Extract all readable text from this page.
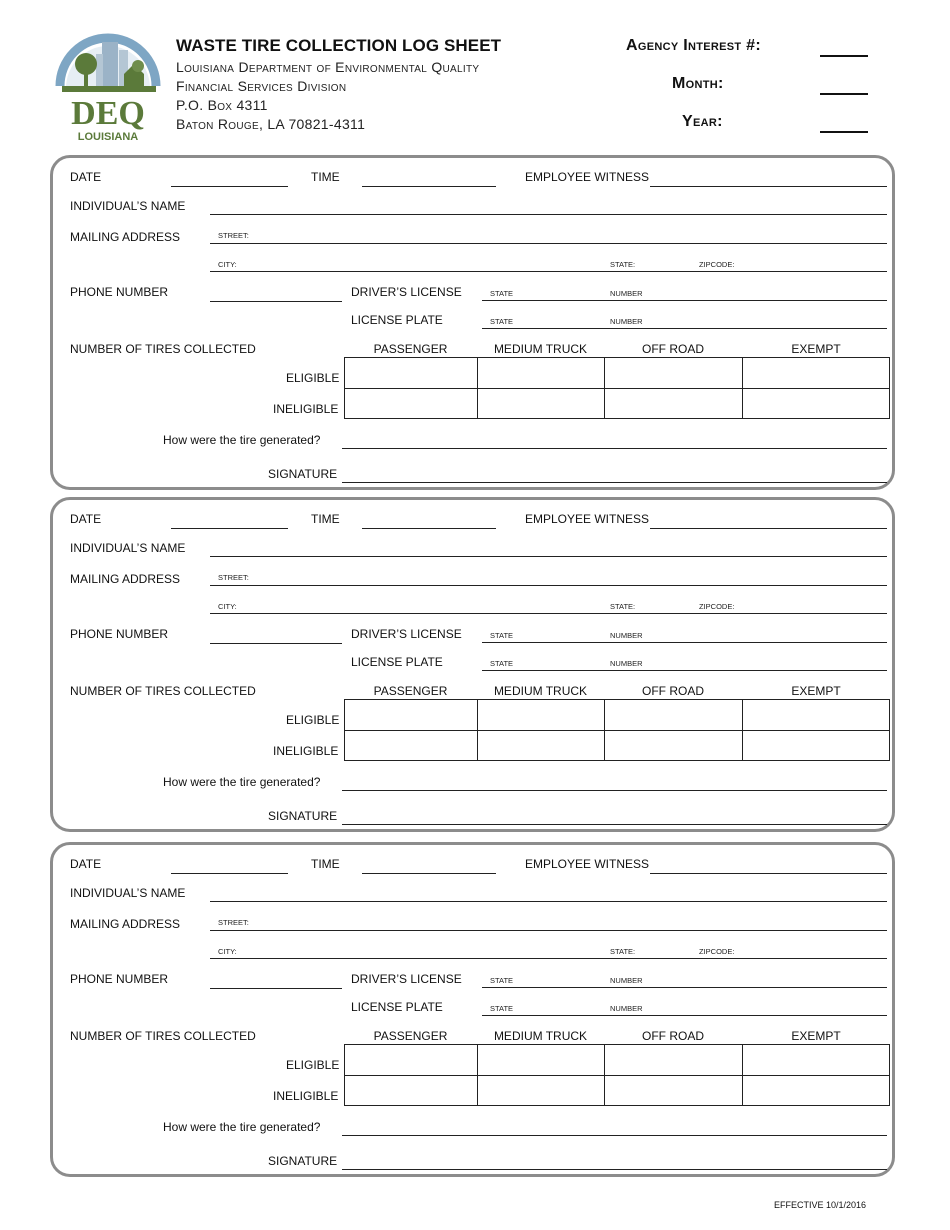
DEQ
LOUISIANA
WASTE TIRE COLLECTION LOG SHEET
Louisiana Department of Environmental Quality
Financial Services Division
P.O. Box 4311
Baton Rouge, LA 70821-4311
Agency Interest #:
Month:
Year:
DATE	TIME	EMPLOYEE WITNESS
INDIVIDUAL’S NAME
MAILING ADDRESS	STREET:
CITY:	STATE:	ZIPCODE:
PHONE NUMBER	DRIVER’S LICENSE	STATE	NUMBER
LICENSE PLATE	STATE	NUMBER
NUMBER OF TIRES COLLECTED	PASSENGER	MEDIUM TRUCK	OFF ROAD	EXEMPT
ELIGIBLE
INELIGIBLE
How were the tire generated?
SIGNATURE
DATE	TIME	EMPLOYEE WITNESS
INDIVIDUAL’S NAME
MAILING ADDRESS	STREET:
CITY:	STATE:	ZIPCODE:
PHONE NUMBER	DRIVER’S LICENSE	STATE	NUMBER
LICENSE PLATE	STATE	NUMBER
NUMBER OF TIRES COLLECTED	PASSENGER	MEDIUM TRUCK	OFF ROAD	EXEMPT
ELIGIBLE
INELIGIBLE
How were the tire generated?
SIGNATURE
DATE	TIME	EMPLOYEE WITNESS
INDIVIDUAL’S NAME
MAILING ADDRESS	STREET:
CITY:	STATE:	ZIPCODE:
PHONE NUMBER	DRIVER’S LICENSE	STATE	NUMBER
LICENSE PLATE	STATE	NUMBER
NUMBER OF TIRES COLLECTED	PASSENGER	MEDIUM TRUCK	OFF ROAD	EXEMPT
ELIGIBLE
INELIGIBLE
How were the tire generated?
SIGNATURE
EFFECTIVE 10/1/2016
